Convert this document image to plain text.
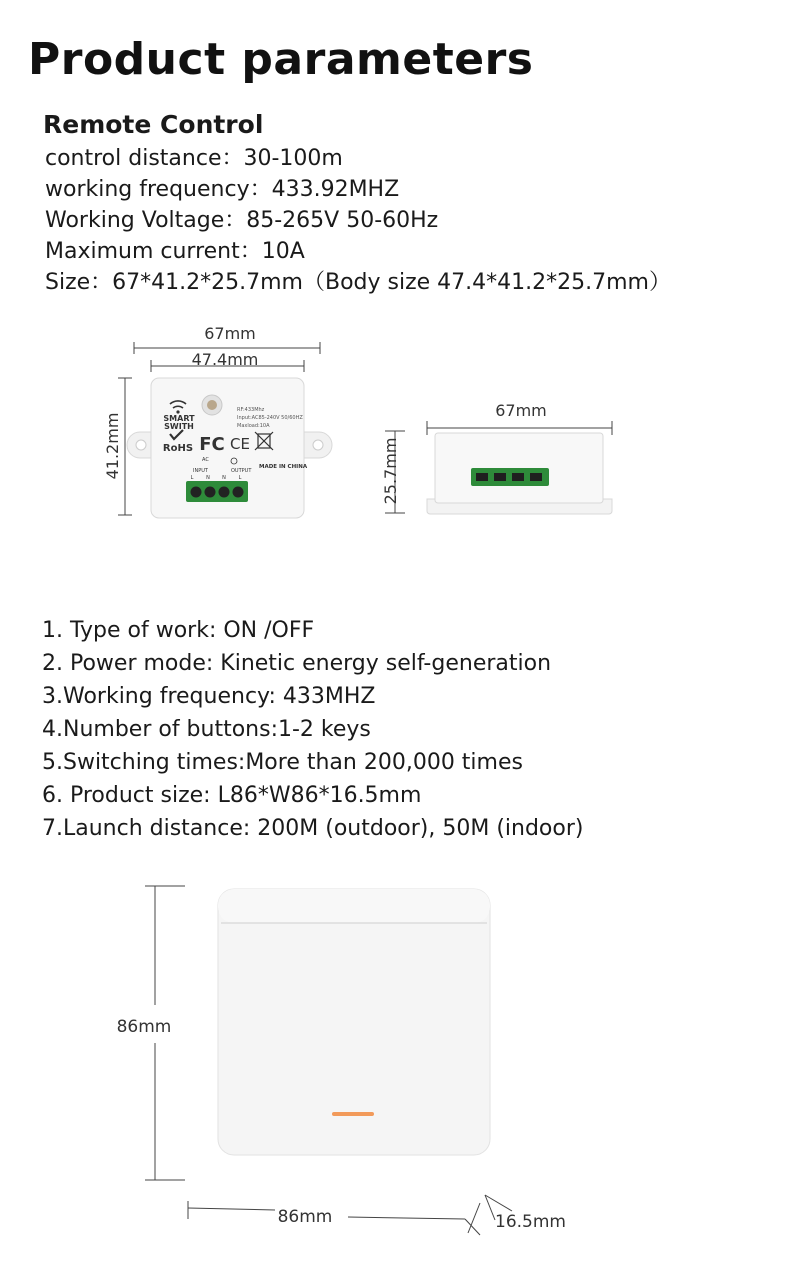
Product parameters
Remote Control
control distance：30-100m
working frequency：433.92MHZ
Working Voltage：85-265V 50-60Hz
Maximum current：10A
Size：67*41.2*25.7mm（Body size 47.4*41.2*25.7mm）
67mm
47.4mm
41.2mm	SMART
SWITH
RoHS FC CE
RF:433Mhz
Input:AC85-240V 50/60HZ
Maxload:10A
MADE IN CHINA
AC
INPUT	OUTPUT
L	N N	L
67mm
25.7mm
1. Type of work: ON /OFF
2. Power mode: Kinetic energy self-generation
3.Working frequency: 433MHZ
4.Number of buttons:1-2 keys
5.Switching times:More than 200,000 times
6. Product size: L86*W86*16.5mm
7.Launch distance: 200M (outdoor), 50M (indoor)
86mm
86mm	16.5mm
